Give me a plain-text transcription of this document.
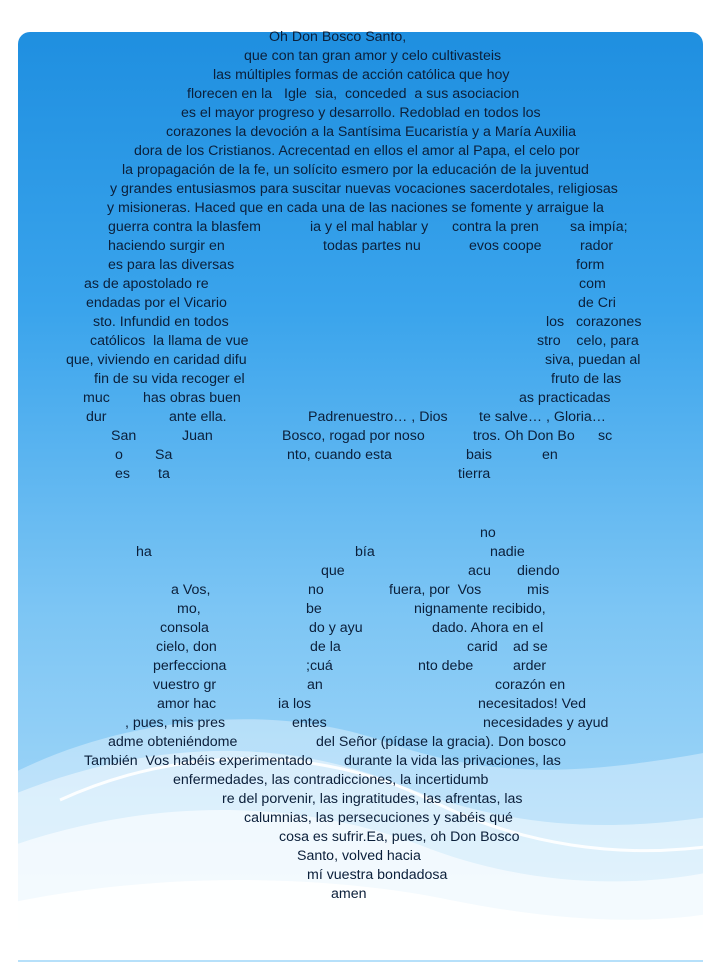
Oh Don Bosco Santo,
que con tan gran amor y celo cultivasteis
las múltiples formas de acción católica que hoy
florecen en la   Igle sia,  conceded  a sus asociacion
es el mayor progreso y desarrollo. Redoblad en todos los
corazones la devoción a la Santísima Eucaristía y a María Auxilia
dora de los Cristianos. Acrecentad en ellos el amor al Papa, el celo por
la propagación de la fe, un solícito esmero por la educación de la juventud
y grandes entusiasmos para suscitar nuevas vocaciones sacerdotales, religiosas
y misioneras. Haced que en cada una de las naciones se fomente y arraigue la
guerra contra la blasfem	ia y el mal hablar y contra la pren sa impía;
haciendo surgir en	todas partes nu	evos coope	rador
es para las diversas	form
as de apostolado re	com
endadas por el Vicario	de Cri
sto. Infundid en todos	los   corazones
católicos  la llama de vue	stro    celo, para
que, viviendo en caridad difu	siva, puedan al
fin de su vida recoger el	fruto de las
muc has obras buen	as practicadas
dur	ante ella.	Padrenuestro… , Dios te salve… , Gloria…
San	Juan	Bosco, rogad por noso	tros. Oh Don Bo sc
o Sa	nto, cuando esta	bais	en
es ta	tierra
no
ha	bía	nadie
que	acu diendo
a Vos,	no	fuera, por  Vos	mis
mo,	be	nignamente recibido,
consola	do y ayu	dado. Ahora en el
cielo, don	de la	carid ad se
perfecciona	;cuá	nto debe	arder
vuestro gr	an	corazón en
amor hac	ia los	necesitados! Ved
, pues, mis pres	entes	necesidades y ayud
adme obteniéndome	del Señor (pídase la gracia). Don bosco
También  Vos habéis experimentado durante la vida las privaciones, las
enfermedades, las contradicciones, la incertidumb
re del porvenir, las ingratitudes, las afrentas, las
calumnias, las persecuciones y sabéis qué
cosa es sufrir.Ea, pues, oh Don Bosco
Santo, volved hacia
mí vuestra bondadosa
amen
